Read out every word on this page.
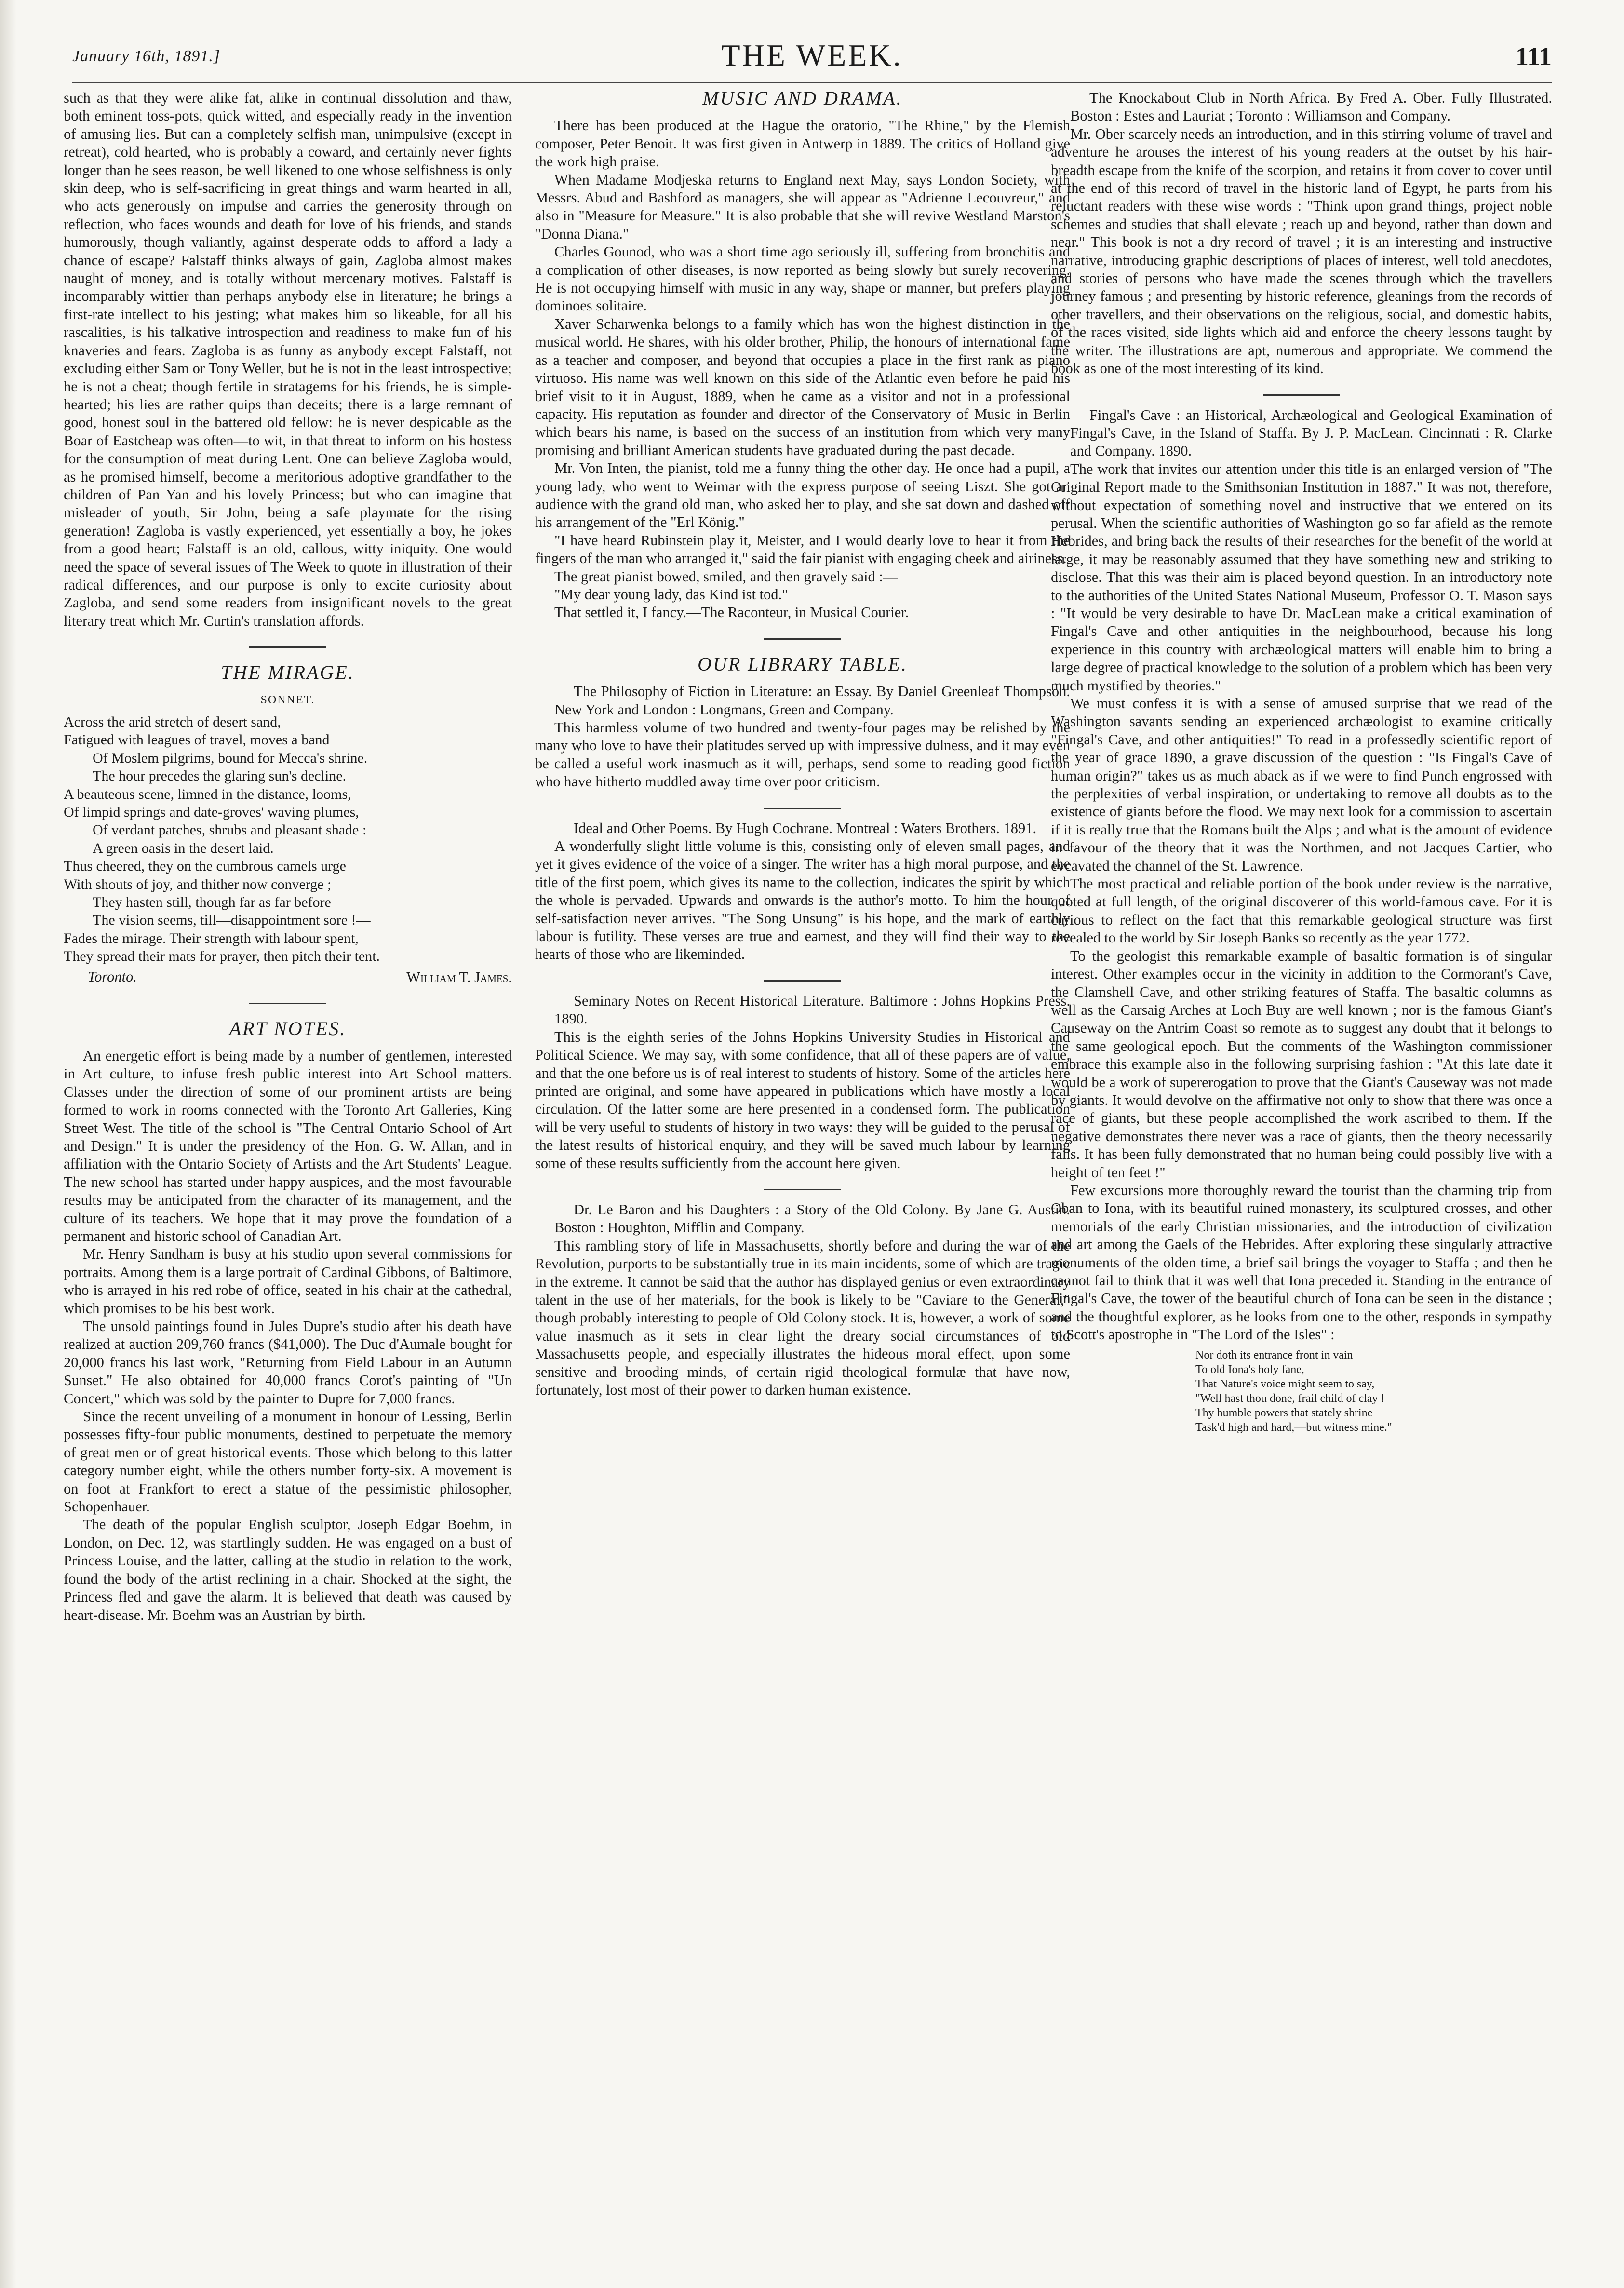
January 16th, 1891.]	THE WEEK.	111

such as that they were alike fat, alike in continual dissolution and thaw, both eminent toss-pots, quick witted, and especially ready in the invention of amusing lies. But can a completely selfish man, unimpulsive (except in retreat), cold hearted, who is probably a coward, and certainly never fights longer than he sees reason, be well likened to one whose selfishness is only skin deep, who is self-sacrificing in great things and warm hearted in all, who acts generously on impulse and carries the generosity through on reflection, who faces wounds and death for love of his friends, and stands humorously, though valiantly, against desperate odds to afford a lady a chance of escape? Falstaff thinks always of gain, Zagloba almost makes naught of money, and is totally without mercenary motives. Falstaff is incomparably wittier than perhaps anybody else in literature; he brings a first-rate intellect to his jesting; what makes him so likeable, for all his rascalities, is his talkative introspection and readiness to make fun of his knaveries and fears. Zagloba is as funny as anybody except Falstaff, not excluding either Sam or Tony Weller, but he is not in the least introspective; he is not a cheat; though fertile in stratagems for his friends, he is simple-hearted; his lies are rather quips than deceits; there is a large remnant of good, honest soul in the battered old fellow: he is never despicable as the Boar of Eastcheap was often—to wit, in that threat to inform on his hostess for the consumption of meat during Lent. One can believe Zagloba would, as he promised himself, become a meritorious adoptive grandfather to the children of Pan Yan and his lovely Princess; but who can imagine that misleader of youth, Sir John, being a safe playmate for the rising generation! Zagloba is vastly experienced, yet essentially a boy, he jokes from a good heart; Falstaff is an old, callous, witty iniquity. One would need the space of several issues of The Week to quote in illustration of their radical differences, and our purpose is only to excite curiosity about Zagloba, and send some readers from insignificant novels to the great literary treat which Mr. Curtin's translation affords.

THE MIRAGE.
SONNET.
Across the arid stretch of desert sand,
Fatigued with leagues of travel, moves a band
Of Moslem pilgrims, bound for Mecca's shrine.
The hour precedes the glaring sun's decline.
A beauteous scene, limned in the distance, looms,
Of limpid springs and date-groves' waving plumes,
Of verdant patches, shrubs and pleasant shade :
A green oasis in the desert laid.
Thus cheered, they on the cumbrous camels urge
With shouts of joy, and thither now converge ;
They hasten still, though far as far before
The vision seems, till—disappointment sore !—
Fades the mirage. Their strength with labour spent,
They spread their mats for prayer, then pitch their tent.
William T. James.
Toronto.
ART NOTES.

An energetic effort is being made by a number of gentlemen, interested in Art culture, to infuse fresh public interest into Art School matters. Classes under the direction of some of our prominent artists are being formed to work in rooms connected with the Toronto Art Galleries, King Street West. The title of the school is "The Central Ontario School of Art and Design." It is under the presidency of the Hon. G. W. Allan, and in affiliation with the Ontario Society of Artists and the Art Students' League. The new school has started under happy auspices, and the most favourable results may be anticipated from the character of its management, and the culture of its teachers. We hope that it may prove the foundation of a permanent and historic school of Canadian Art.

Mr. Henry Sandham is busy at his studio upon several commissions for portraits. Among them is a large portrait of Cardinal Gibbons, of Baltimore, who is arrayed in his red robe of office, seated in his chair at the cathedral, which promises to be his best work.

The unsold paintings found in Jules Dupre's studio after his death have realized at auction 209,760 francs ($41,000). The Duc d'Aumale bought for 20,000 francs his last work, "Returning from Field Labour in an Autumn Sunset." He also obtained for 40,000 francs Corot's painting of "Un Concert," which was sold by the painter to Dupre for 7,000 francs.

Since the recent unveiling of a monument in honour of Lessing, Berlin possesses fifty-four public monuments, destined to perpetuate the memory of great men or of great historical events. Those which belong to this latter category number eight, while the others number forty-six. A movement is on foot at Frankfort to erect a statue of the pessimistic philosopher, Schopenhauer.

The death of the popular English sculptor, Joseph Edgar Boehm, in London, on Dec. 12, was startlingly sudden. He was engaged on a bust of Princess Louise, and the latter, calling at the studio in relation to the work, found the body of the artist reclining in a chair. Shocked at the sight, the Princess fled and gave the alarm. It is believed that death was caused by heart-disease. Mr. Boehm was an Austrian by birth.

MUSIC AND DRAMA.

There has been produced at the Hague the oratorio, "The Rhine," by the Flemish composer, Peter Benoit. It was first given in Antwerp in 1889. The critics of Holland give the work high praise.

When Madame Modjeska returns to England next May, says London Society, with Messrs. Abud and Bashford as managers, she will appear as "Adrienne Lecouvreur," and also in "Measure for Measure." It is also probable that she will revive Westland Marston's "Donna Diana."

Charles Gounod, who was a short time ago seriously ill, suffering from bronchitis and a complication of other diseases, is now reported as being slowly but surely recovering. He is not occupying himself with music in any way, shape or manner, but prefers playing dominoes solitaire.

Xaver Scharwenka belongs to a family which has won the highest distinction in the musical world. He shares, with his older brother, Philip, the honours of international fame as a teacher and composer, and beyond that occupies a place in the first rank as piano virtuoso. His name was well known on this side of the Atlantic even before he paid his brief visit to it in August, 1889, when he came as a visitor and not in a professional capacity. His reputation as founder and director of the Conservatory of Music in Berlin which bears his name, is based on the success of an institution from which very many promising and brilliant American students have graduated during the past decade.

Mr. Von Inten, the pianist, told me a funny thing the other day. He once had a pupil, a young lady, who went to Weimar with the express purpose of seeing Liszt. She got an audience with the grand old man, who asked her to play, and she sat down and dashed off his arrangement of the "Erl König."

"I have heard Rubinstein play it, Meister, and I would dearly love to hear it from the fingers of the man who arranged it," said the fair pianist with engaging cheek and airiness.

The great pianist bowed, smiled, and then gravely said :—

"My dear young lady, das Kind ist tod."

That settled it, I fancy.—The Raconteur, in Musical Courier.

OUR LIBRARY TABLE.

The Philosophy of Fiction in Literature: an Essay. By Daniel Greenleaf Thompson. New York and London : Longmans, Green and Company.

This harmless volume of two hundred and twenty-four pages may be relished by the many who love to have their platitudes served up with impressive dulness, and it may even be called a useful work inasmuch as it will, perhaps, send some to reading good fiction who have hitherto muddled away time over poor criticism.

Ideal and Other Poems. By Hugh Cochrane. Montreal : Waters Brothers. 1891.

A wonderfully slight little volume is this, consisting only of eleven small pages, and yet it gives evidence of the voice of a singer. The writer has a high moral purpose, and the title of the first poem, which gives its name to the collection, indicates the spirit by which the whole is pervaded. Upwards and onwards is the author's motto. To him the hour of self-satisfaction never arrives. "The Song Unsung" is his hope, and the mark of earthly labour is futility. These verses are true and earnest, and they will find their way to the hearts of those who are likeminded.

Seminary Notes on Recent Historical Literature. Baltimore : Johns Hopkins Press. 1890.

This is the eighth series of the Johns Hopkins University Studies in Historical and Political Science. We may say, with some confidence, that all of these papers are of value, and that the one before us is of real interest to students of history. Some of the articles here printed are original, and some have appeared in publications which have mostly a local circulation. Of the latter some are here presented in a condensed form. The publication will be very useful to students of history in two ways: they will be guided to the perusal of the latest results of historical enquiry, and they will be saved much labour by learning some of these results sufficiently from the account here given.

Dr. Le Baron and his Daughters : a Story of the Old Colony. By Jane G. Austin. Boston : Houghton, Mifflin and Company.

This rambling story of life in Massachusetts, shortly before and during the war of the Revolution, purports to be substantially true in its main incidents, some of which are tragic in the extreme. It cannot be said that the author has displayed genius or even extraordinary talent in the use of her materials, for the book is likely to be "Caviare to the General," though probably interesting to people of Old Colony stock. It is, however, a work of some value inasmuch as it sets in clear light the dreary social circumstances of old Massachusetts people, and especially illustrates the hideous moral effect, upon some sensitive and brooding minds, of certain rigid theological formulæ that have now, fortunately, lost most of their power to darken human existence.

The Knockabout Club in North Africa. By Fred A. Ober. Fully Illustrated. Boston : Estes and Lauriat ; Toronto : Williamson and Company.

Mr. Ober scarcely needs an introduction, and in this stirring volume of travel and adventure he arouses the interest of his young readers at the outset by his hair-breadth escape from the knife of the scorpion, and retains it from cover to cover until at the end of this record of travel in the historic land of Egypt, he parts from his reluctant readers with these wise words : "Think upon grand things, project noble schemes and studies that shall elevate ; reach up and beyond, rather than down and near." This book is not a dry record of travel ; it is an interesting and instructive narrative, introducing graphic descriptions of places of interest, well told anecdotes, and stories of persons who have made the scenes through which the travellers journey famous ; and presenting by historic reference, gleanings from the records of other travellers, and their observations on the religious, social, and domestic habits, of the races visited, side lights which aid and enforce the cheery lessons taught by the writer. The illustrations are apt, numerous and appropriate. We commend the book as one of the most interesting of its kind.

Fingal's Cave : an Historical, Archæological and Geological Examination of Fingal's Cave, in the Island of Staffa. By J. P. MacLean. Cincinnati : R. Clarke and Company. 1890.

The work that invites our attention under this title is an enlarged version of "The Original Report made to the Smithsonian Institution in 1887." It was not, therefore, without expectation of something novel and instructive that we entered on its perusal. When the scientific authorities of Washington go so far afield as the remote Hebrides, and bring back the results of their researches for the benefit of the world at large, it may be reasonably assumed that they have something new and striking to disclose. That this was their aim is placed beyond question. In an introductory note to the authorities of the United States National Museum, Professor O. T. Mason says : "It would be very desirable to have Dr. MacLean make a critical examination of Fingal's Cave and other antiquities in the neighbourhood, because his long experience in this country with archæological matters will enable him to bring a large degree of practical knowledge to the solution of a problem which has been very much mystified by theories."

We must confess it is with a sense of amused surprise that we read of the Washington savants sending an experienced archæologist to examine critically "Fingal's Cave, and other antiquities!" To read in a professedly scientific report of the year of grace 1890, a grave discussion of the question : "Is Fingal's Cave of human origin?" takes us as much aback as if we were to find Punch engrossed with the perplexities of verbal inspiration, or undertaking to remove all doubts as to the existence of giants before the flood. We may next look for a commission to ascertain if it is really true that the Romans built the Alps ; and what is the amount of evidence in favour of the theory that it was the Northmen, and not Jacques Cartier, who evcavated the channel of the St. Lawrence.

The most practical and reliable portion of the book under review is the narrative, quoted at full length, of the original discoverer of this world-famous cave. For it is curious to reflect on the fact that this remarkable geological structure was first revealed to the world by Sir Joseph Banks so recently as the year 1772.

To the geologist this remarkable example of basaltic formation is of singular interest. Other examples occur in the vicinity in addition to the Cormorant's Cave, the Clamshell Cave, and other striking features of Staffa. The basaltic columns as well as the Carsaig Arches at Loch Buy are well known ; nor is the famous Giant's Causeway on the Antrim Coast so remote as to suggest any doubt that it belongs to the same geological epoch. But the comments of the Washington commissioner embrace this example also in the following surprising fashion : "At this late date it would be a work of supererogation to prove that the Giant's Causeway was not made by giants. It would devolve on the affirmative not only to show that there was once a race of giants, but these people accomplished the work ascribed to them. If the negative demonstrates there never was a race of giants, then the theory necessarily falls. It has been fully demonstrated that no human being could possibly live with a height of ten feet !"

Few excursions more thoroughly reward the tourist than the charming trip from Oban to Iona, with its beautiful ruined monastery, its sculptured crosses, and other memorials of the early Christian missionaries, and the introduction of civilization and art among the Gaels of the Hebrides. After exploring these singularly attractive monuments of the olden time, a brief sail brings the voyager to Staffa ; and then he cannot fail to think that it was well that Iona preceded it. Standing in the entrance of Fingal's Cave, the tower of the beautiful church of Iona can be seen in the distance ; and the thoughtful explorer, as he looks from one to the other, responds in sympathy to Scott's apostrophe in "The Lord of the Isles" :

Nor doth its entrance front in vain
To old Iona's holy fane,
That Nature's voice might seem to say,
"Well hast thou done, frail child of clay !
Thy humble powers that stately shrine
Task'd high and hard,—but witness mine."
